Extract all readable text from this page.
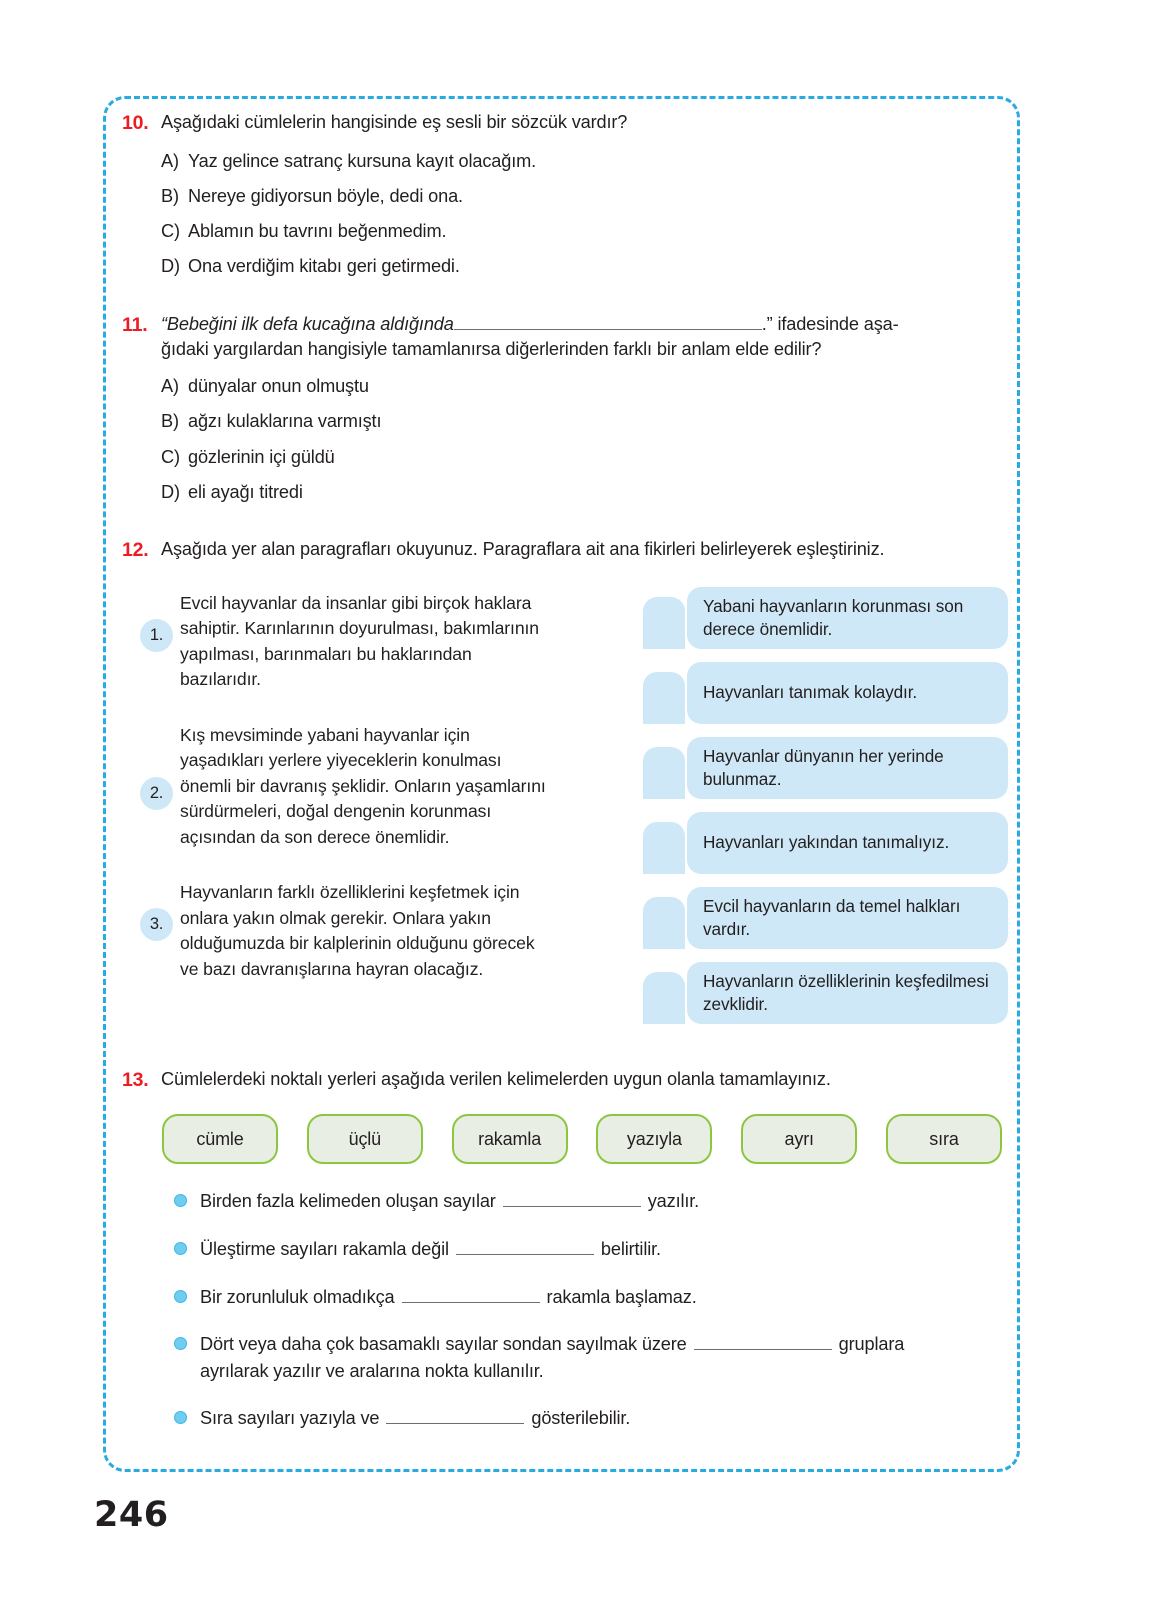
10. Aşağıdaki cümlelerin hangisinde eş sesli bir sözcük vardır?
A) Yaz gelince satranç kursuna kayıt olacağım.
B) Nereye gidiyorsun böyle, dedi ona.
C) Ablamın bu tavrını beğenmedim.
D) Ona verdiğim kitabı geri getirmedi.
11. “Bebeğini ilk defa kucağına aldığında	.” ifadesinde aşa-
ğıdaki yargılardan hangisiyle tamamlanırsa diğerlerinden farklı bir anlam elde edilir?
A) dünyalar onun olmuştu
B) ağzı kulaklarına varmıştı
C) gözlerinin içi güldü
D) eli ayağı titredi
12. Aşağıda yer alan paragrafları okuyunuz. Paragraflara ait ana fikirleri belirleyerek eşleştiriniz.
1.
Evcil hayvanlar da insanlar gibi birçok haklara sahiptir. Karınlarının doyurulması, bakımlarının yapılması, barınmaları bu haklarından bazılarıdır.
2.
Kış mevsiminde yabani hayvanlar için yaşadıkları yerlere yiyeceklerin konulması önemli bir davranış şeklidir. Onların yaşamlarını sürdürmeleri, doğal dengenin korunması açısından da son derece önemlidir.
3.
Hayvanların farklı özelliklerini keşfetmek için onlara yakın olmak gerekir. Onlara yakın olduğumuzda bir kalplerinin olduğunu görecek ve bazı davranışlarına hayran olacağız.
Yabani hayvanların korunması son derece önemlidir.
Hayvanları tanımak kolaydır.
Hayvanlar dünyanın her yerinde bulunmaz.
Hayvanları yakından tanımalıyız.
Evcil hayvanların da temel halkları vardır.
Hayvanların özelliklerinin keşfedilmesi zevklidir.
13. Cümlelerdeki noktalı yerleri aşağıda verilen kelimelerden uygun olanla tamamlayınız.
cümle	üçlü	rakamla	yazıyla	ayrı	sıra
Birden fazla kelimeden oluşan sayılar	yazılır.
Üleştirme sayıları rakamla değil	belirtilir.
Bir zorunluluk olmadıkça	rakamla başlamaz.
Dört veya daha çok basamaklı sayılar sondan sayılmak üzere	gruplara
ayrılarak yazılır ve aralarına nokta kullanılır.
Sıra sayıları yazıyla ve	gösterilebilir.
246
